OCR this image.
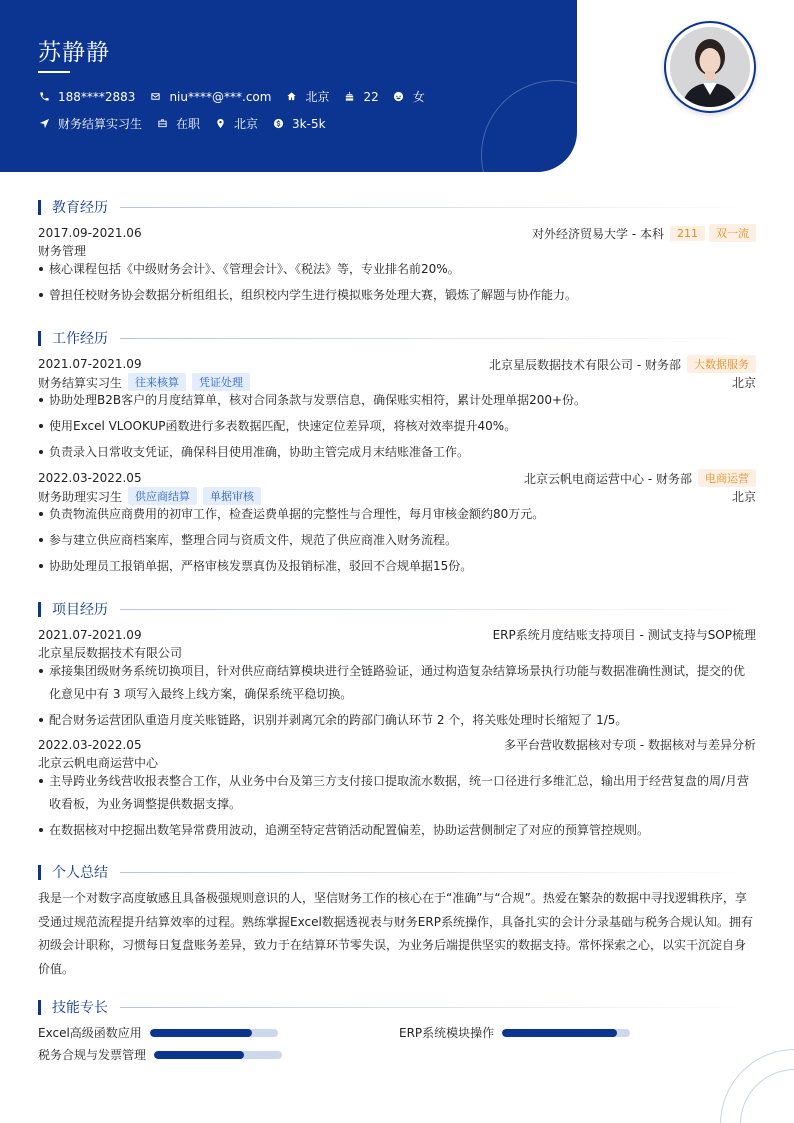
苏静静
188****2883	niu****@***.com	北京	22	女
财务结算实习生	在职	北京	3k-5k
教育经历
2017.09-2021.06	对外经济贸易大学 - 本科	211	双一流
财务管理
核心课程包括《中级财务会计》、《管理会计》、《税法》等，专业排名前20%。
曾担任校财务协会数据分析组组长，组织校内学生进行模拟账务处理大赛，锻炼了解题与协作能力。
工作经历
2021.07-2021.09	北京星辰数据技术有限公司 - 财务部	大数据服务
财务结算实习生	往来核算	凭证处理	北京
协助处理B2B客户的月度结算单，核对合同条款与发票信息，确保账实相符，累计处理单据200+份。
使用Excel VLOOKUP函数进行多表数据匹配，快速定位差异项，将核对效率提升40%。
负责录入日常收支凭证，确保科目使用准确，协助主管完成月末结账准备工作。
2022.03-2022.05	北京云帆电商运营中心 - 财务部	电商运营
财务助理实习生	供应商结算	单据审核	北京
负责物流供应商费用的初审工作，检查运费单据的完整性与合理性，每月审核金额约80万元。
参与建立供应商档案库，整理合同与资质文件，规范了供应商准入财务流程。
协助处理员工报销单据，严格审核发票真伪及报销标准，驳回不合规单据15份。
项目经历
2021.07-2021.09	ERP系统月度结账支持项目 - 测试支持与SOP梳理
北京星辰数据技术有限公司
承接集团级财务系统切换项目，针对供应商结算模块进行全链路验证，通过构造复杂结算场景执行功能与数据准确性测试，提交的优化意见中有 3 项写入最终上线方案，确保系统平稳切换。
配合财务运营团队重造月度关账链路，识别并剥离冗余的跨部门确认环节 2 个，将关账处理时长缩短了 1/5。
2022.03-2022.05	多平台营收数据核对专项 - 数据核对与差异分析
北京云帆电商运营中心
主导跨业务线营收报表整合工作，从业务中台及第三方支付接口提取流水数据，统一口径进行多维汇总，输出用于经营复盘的周/月营收看板，为业务调整提供数据支撑。
在数据核对中挖掘出数笔异常费用波动，追溯至特定营销活动配置偏差，协助运营侧制定了对应的预算管控规则。
个人总结
我是一个对数字高度敏感且具备极强规则意识的人，坚信财务工作的核心在于“准确”与“合规”。热爱在繁杂的数据中寻找逻辑秩序，享受通过规范流程提升结算效率的过程。熟练掌握Excel数据透视表与财务ERP系统操作，具备扎实的会计分录基础与税务合规认知。拥有初级会计职称，习惯每日复盘账务差异，致力于在结算环节零失误，为业务后端提供坚实的数据支持。常怀探索之心，以实干沉淀自身价值。
技能专长
Excel高级函数应用	ERP系统模块操作
税务合规与发票管理
